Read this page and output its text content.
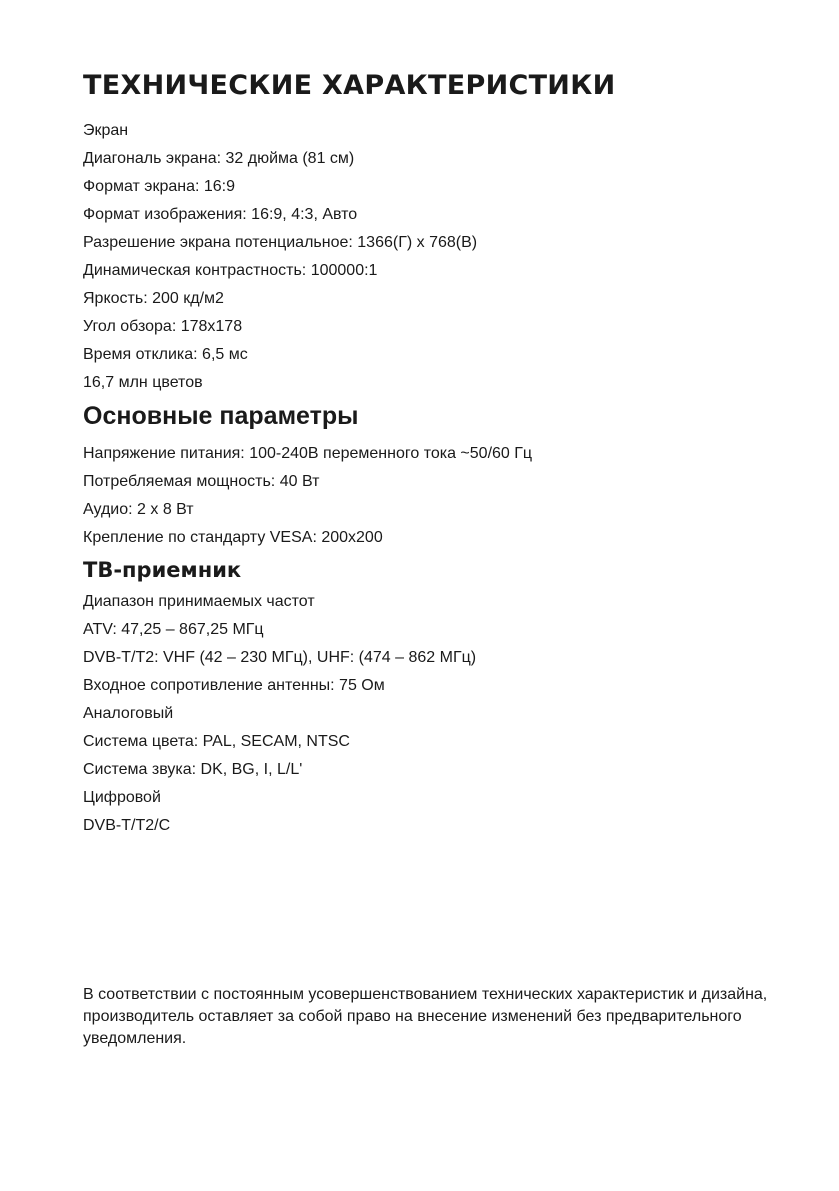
ТЕХНИЧЕСКИЕ ХАРАКТЕРИСТИКИ
Экран
Диагональ экрана: 32 дюйма (81 см)
Формат экрана: 16:9
Формат изображения: 16:9, 4:3, Авто
Разрешение экрана потенциальное: 1366(Г) х 768(В)
Динамическая контрастность: 100000:1
Яркость: 200 кд/м2
Угол обзора: 178х178
Время отклика: 6,5 мс
16,7 млн цветов
Основные параметры
Напряжение питания: 100-240В переменного тока ~50/60 Гц
Потребляемая мощность: 40 Вт
Аудио: 2 х 8 Вт
Крепление по стандарту VESA: 200х200
ТВ-приемник
Диапазон принимаемых частот
ATV: 47,25 – 867,25 МГц
DVB-T/T2: VHF (42 – 230 МГц), UHF: (474 – 862 МГц)
Входное сопротивление антенны: 75 Ом
Аналоговый
Система цвета: PAL, SECAM, NTSC
Система звука: DK, BG, I, L/L'
Цифровой
DVB-T/T2/C

В соответствии с постоянным усовершенствованием технических характеристик и дизайна, производитель оставляет за собой право на внесение изменений без предварительного уведомления.
